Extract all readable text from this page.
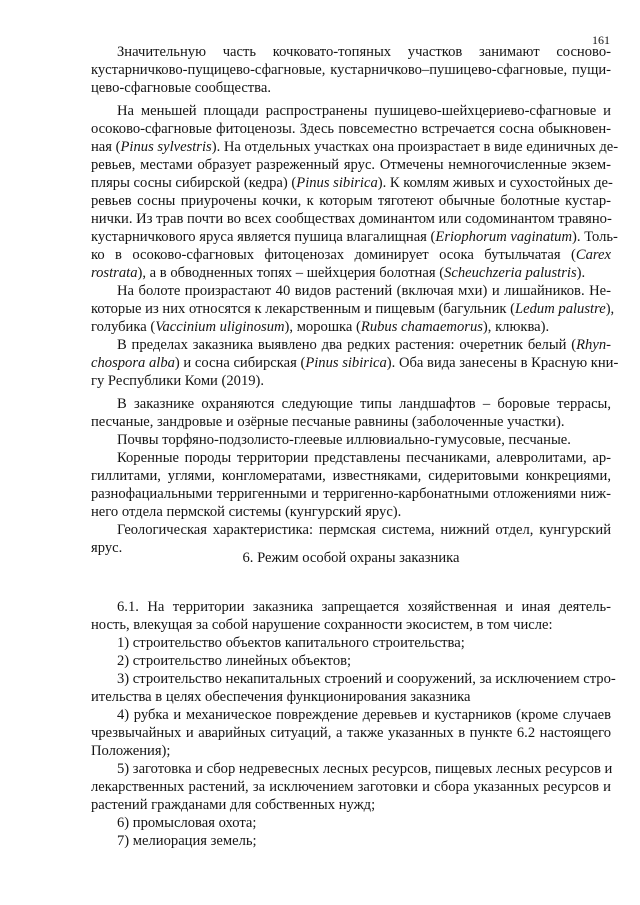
161
Значительную часть кочковато-топяных участков занимают сосново-
кустарничково-пущицево-сфагновые, кустарничково–пушицево-сфагновые, пущи-
цево-сфагновые сообщества.
На меньшей площади распространены пушицево-шейхцериево-сфагновые и
осоково-сфагновые фитоценозы. Здесь повсеместно встречается сосна обыкновен-
ная (Pinus sylvestris). На отдельных участках она произрастает в виде единичных де-
ревьев, местами образует разреженный ярус. Отмечены немногочисленные экзем-
пляры сосны сибирской (кедра) (Pinus sibirica). К комлям живых и сухостойных де-
ревьев сосны приурочены кочки, к которым тяготеют обычные болотные кустар-
нички. Из трав почти во всех сообществах доминантом или содоминантом травяно-
кустарничкового яруса является пушица влагалищная (Eriophorum vaginatum). Толь-
ко в осоково-сфагновых фитоценозах доминирует осока бутыльчатая (Carex
rostrata), а в обводненных топях – шейхцерия болотная (Scheuchzeria palustris).
На болоте произрастают 40 видов растений (включая мхи) и лишайников. Не-
которые из них относятся к лекарственным и пищевым (багульник (Ledum palustre),
голубика (Vaccinium uliginosum), морошка (Rubus chamaemorus), клюква).
В пределах заказника выявлено два редких растения: очеретник белый (Rhyn-
chospora alba) и сосна сибирская (Pinus sibirica). Оба вида занесены в Красную кни-
гу Республики Коми (2019).
В заказнике охраняются следующие типы ландшафтов – боровые террасы,
песчаные, зандровые и озёрные песчаные равнины (заболоченные участки).
Почвы торфяно-подзолисто-глеевые иллювиально-гумусовые, песчаные.
Коренные породы территории представлены песчаниками, алевролитами, ар-
гиллитами, углями, конгломератами, известняками, сидеритовыми конкрециями,
разнофациальными терригенными и терригенно-карбонатными отложениями ниж-
него отдела пермской системы (кунгурский ярус).
Геологическая характеристика: пермская система, нижний отдел, кунгурский
ярус.
6.1. На территории заказника запрещается хозяйственная и иная деятель-
ность, влекущая за собой нарушение сохранности экосистем, в том числе:
1) строительство объектов капитального строительства;
2) строительство линейных объектов;
3) строительство некапитальных строений и сооружений, за исключением стро-
ительства в целях обеспечения функционирования заказника
4) рубка и механическое повреждение деревьев и кустарников (кроме случаев
чрезвычайных и аварийных ситуаций, а также указанных в пункте 6.2 настоящего
Положения);
5) заготовка и сбор недревесных лесных ресурсов, пищевых лесных ресурсов и
лекарственных растений, за исключением заготовки и сбора указанных ресурсов и
растений гражданами для собственных нужд;
6) промысловая охота;
7) мелиорация земель;
6. Режим особой охраны заказника
